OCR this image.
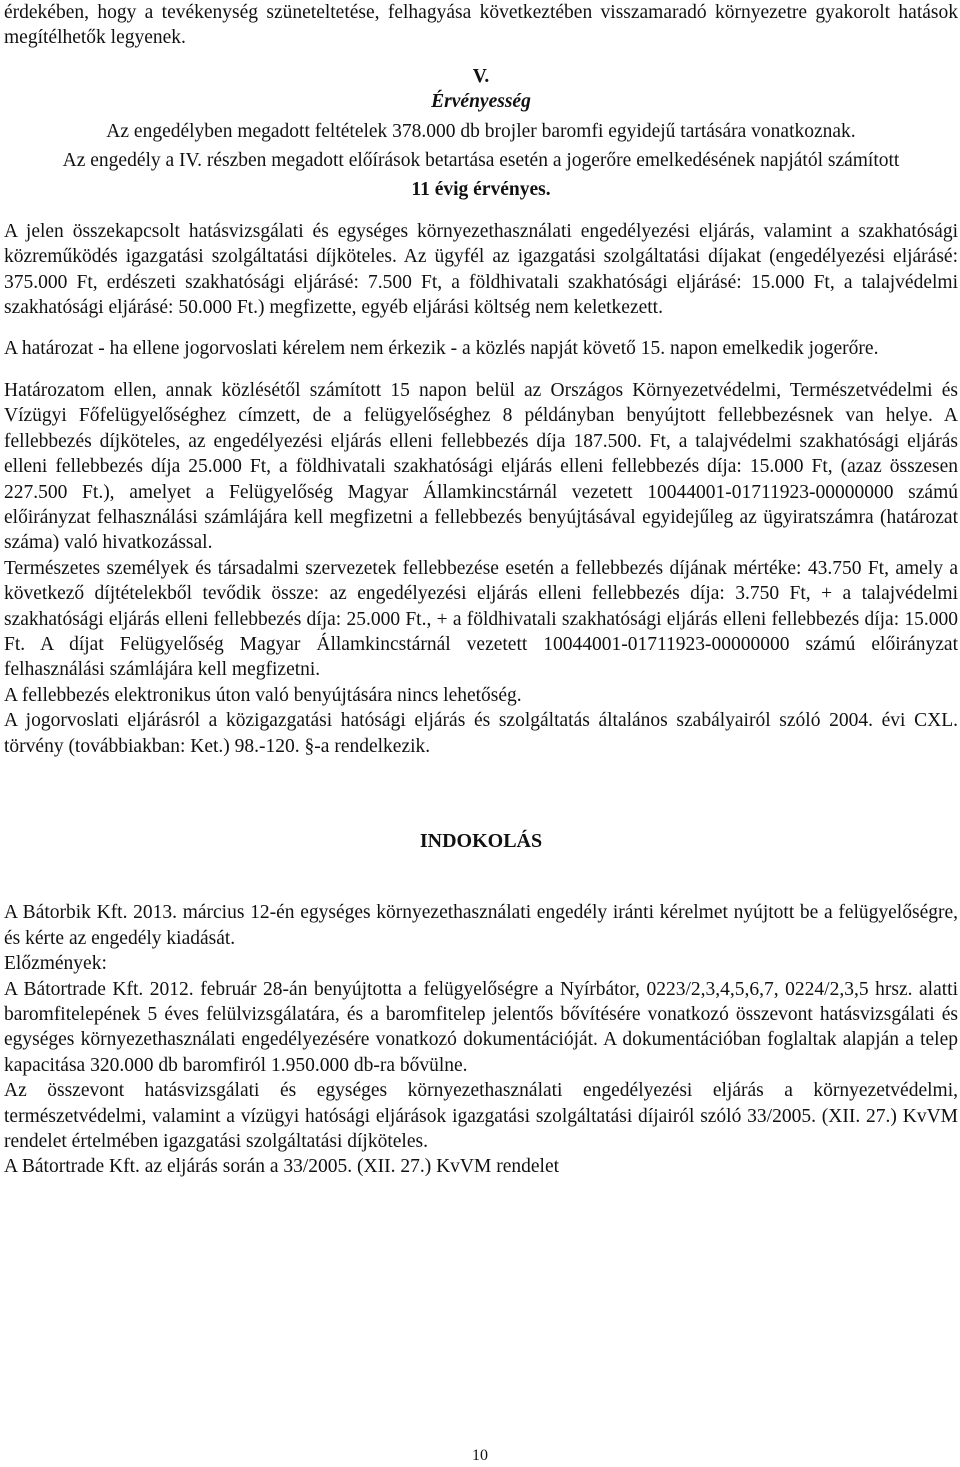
érdekében, hogy a tevékenység szüneteltetése, felhagyása következtében visszamaradó környezetre gyakorolt hatások megítélhetők legyenek.

V.

Érvényesség

Az engedélyben megadott feltételek 378.000 db brojler baromfi egyidejű tartására vonatkoznak.

Az engedély a IV. részben megadott előírások betartása esetén a jogerőre emelkedésének napjától számított

11 évig érvényes.

A jelen összekapcsolt hatásvizsgálati és egységes környezethasználati engedélyezési eljárás, valamint a szakhatósági közreműködés igazgatási szolgáltatási díjköteles. Az ügyfél az igazgatási szolgáltatási díjakat (engedélyezési eljárásé: 375.000 Ft, erdészeti szakhatósági eljárásé: 7.500 Ft, a földhivatali szakhatósági eljárásé: 15.000 Ft, a talajvédelmi szakhatósági eljárásé: 50.000 Ft.) megfizette, egyéb eljárási költség nem keletkezett.

A határozat - ha ellene jogorvoslati kérelem nem érkezik - a közlés napját követő 15. napon emelkedik jogerőre.

Határozatom ellen, annak közlésétől számított 15 napon belül az Országos Környezetvédelmi, Természetvédelmi és Vízügyi Főfelügyelőséghez címzett, de a felügyelőséghez 8 példányban benyújtott fellebbezésnek van helye. A fellebbezés díjköteles, az engedélyezési eljárás elleni fellebbezés díja 187.500. Ft, a talajvédelmi szakhatósági eljárás elleni fellebbezés díja 25.000 Ft, a földhivatali szakhatósági eljárás elleni fellebbezés díja: 15.000 Ft, (azaz összesen 227.500 Ft.), amelyet a Felügyelőség Magyar Államkincstárnál vezetett 10044001-01711923-00000000 számú előirányzat felhasználási számlájára kell megfizetni a fellebbezés benyújtásával egyidejűleg az ügyiratszámra (határozat száma) való hivatkozással.

Természetes személyek és társadalmi szervezetek fellebbezése esetén a fellebbezés díjának mértéke: 43.750 Ft, amely a következő díjtételekből tevődik össze: az engedélyezési eljárás elleni fellebbezés díja: 3.750 Ft, + a talajvédelmi szakhatósági eljárás elleni fellebbezés díja: 25.000 Ft., + a földhivatali szakhatósági eljárás elleni fellebbezés díja: 15.000 Ft. A díjat Felügyelőség Magyar Államkincstárnál vezetett 10044001-01711923-00000000 számú előirányzat felhasználási számlájára kell megfizetni.

A fellebbezés elektronikus úton való benyújtására nincs lehetőség.

A jogorvoslati eljárásról a közigazgatási hatósági eljárás és szolgáltatás általános szabályairól szóló 2004. évi CXL. törvény (továbbiakban: Ket.) 98.-120. §-a rendelkezik.

INDOKOLÁS

A Bátorbik Kft. 2013. március 12-én egységes környezethasználati engedély iránti kérelmet nyújtott be a felügyelőségre, és kérte az engedély kiadását.

Előzmények:

A Bátortrade Kft. 2012. február 28-án benyújtotta a felügyelőségre a Nyírbátor, 0223/2,3,4,5,6,7, 0224/2,3,5 hrsz. alatti baromfitelepének 5 éves felülvizsgálatára, és a baromfitelep jelentős bővítésére vonatkozó összevont hatásvizsgálati és egységes környezethasználati engedélyezésére vonatkozó dokumentációját. A dokumentációban foglaltak alapján a telep kapacitása 320.000 db baromfiról 1.950.000 db-ra bővülne.

Az összevont hatásvizsgálati és egységes környezethasználati engedélyezési eljárás a környezetvédelmi, természetvédelmi, valamint a vízügyi hatósági eljárások igazgatási szolgáltatási díjairól szóló 33/2005. (XII. 27.) KvVM rendelet értelmében igazgatási szolgáltatási díjköteles.

A Bátortrade Kft. az eljárás során a 33/2005. (XII. 27.) KvVM rendelet

10
